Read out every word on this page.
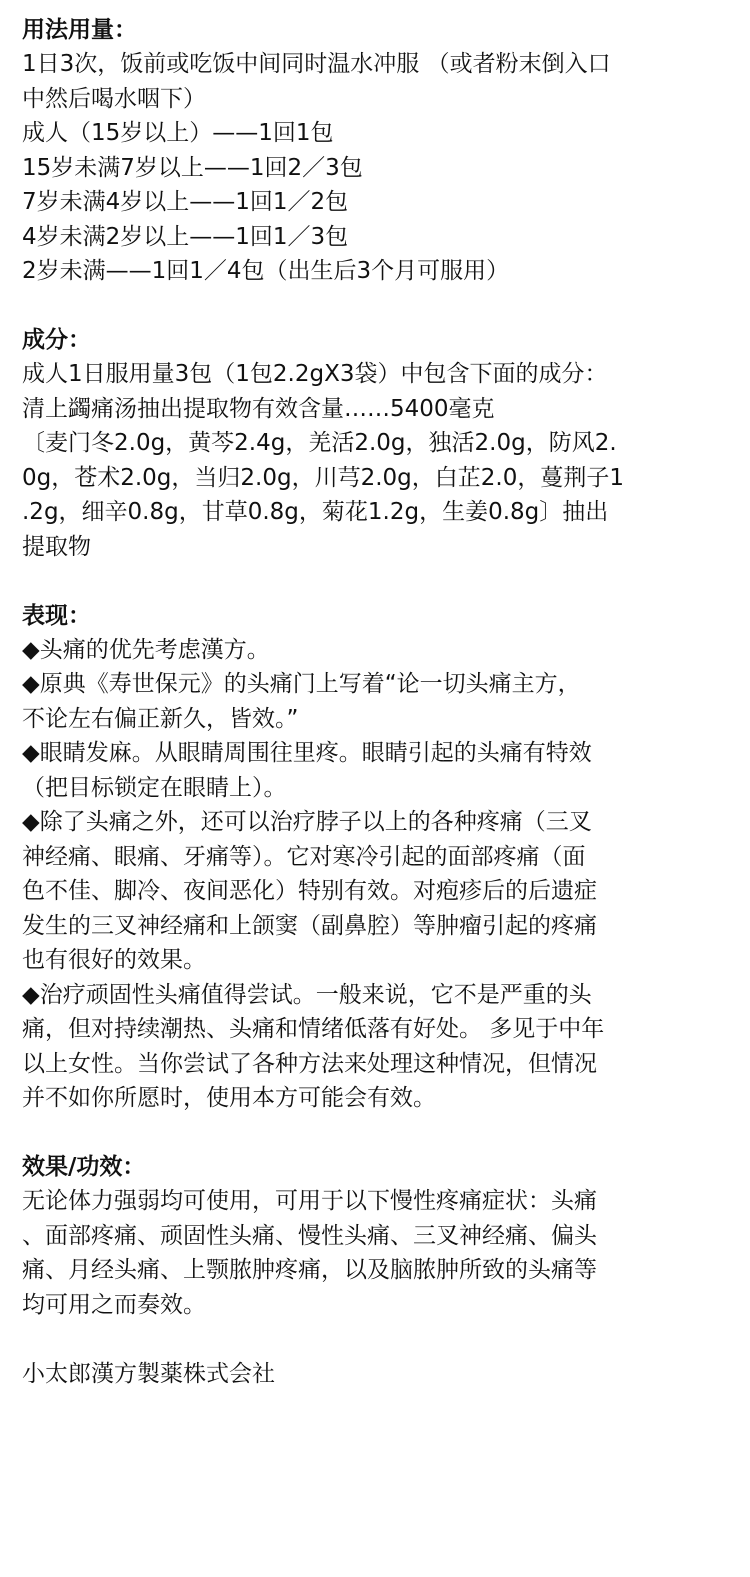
用法用量：
1日3次，饭前或吃饭中间同时温水冲服 （或者粉末倒入口
中然后喝水咽下）
成人（15岁以上）——1回1包
15岁未满7岁以上——1回2／3包
7岁未满4岁以上——1回1／2包
4岁未满2岁以上——1回1／3包
2岁未满——1回1／4包（出生后3个月可服用）
成分：
成人1日服用量3包（1包2.2gX3袋）中包含下面的成分：
清上蠲痛汤抽出提取物有效含量……5400毫克
〔麦门冬2.0g，黄芩2.4g，羌活2.0g，独活2.0g，防风2.
0g，苍术2.0g，当归2.0g，川芎2.0g，白芷2.0，蔓荆子1
.2g，细辛0.8g，甘草0.8g，菊花1.2g，生姜0.8g〕抽出
提取物
表现：
◆头痛的优先考虑漢方。
◆原典《寿世保元》的头痛门上写着“论一切头痛主方，
不论左右偏正新久，皆效。”
◆眼睛发麻。从眼睛周围往里疼。眼睛引起的头痛有特效
（把目标锁定在眼睛上）。
◆除了头痛之外，还可以治疗脖子以上的各种疼痛（三叉
神经痛、眼痛、牙痛等）。它对寒冷引起的面部疼痛（面
色不佳、脚冷、夜间恶化）特别有效。对疱疹后的后遗症
发生的三叉神经痛和上颌窦（副鼻腔）等肿瘤引起的疼痛
也有很好的效果。
◆治疗顽固性头痛值得尝试。一般来说，它不是严重的头
痛，但对持续潮热、头痛和情绪低落有好处。 多见于中年
以上女性。当你尝试了各种方法来处理这种情况，但情况
并不如你所愿时，使用本方可能会有效。
效果/功效：
无论体力强弱均可使用，可用于以下慢性疼痛症状：头痛
、面部疼痛、顽固性头痛、慢性头痛、三叉神经痛、偏头
痛、月经头痛、上颚脓肿疼痛，以及脑脓肿所致的头痛等
均可用之而奏效。
小太郎漢方製薬株式会社
